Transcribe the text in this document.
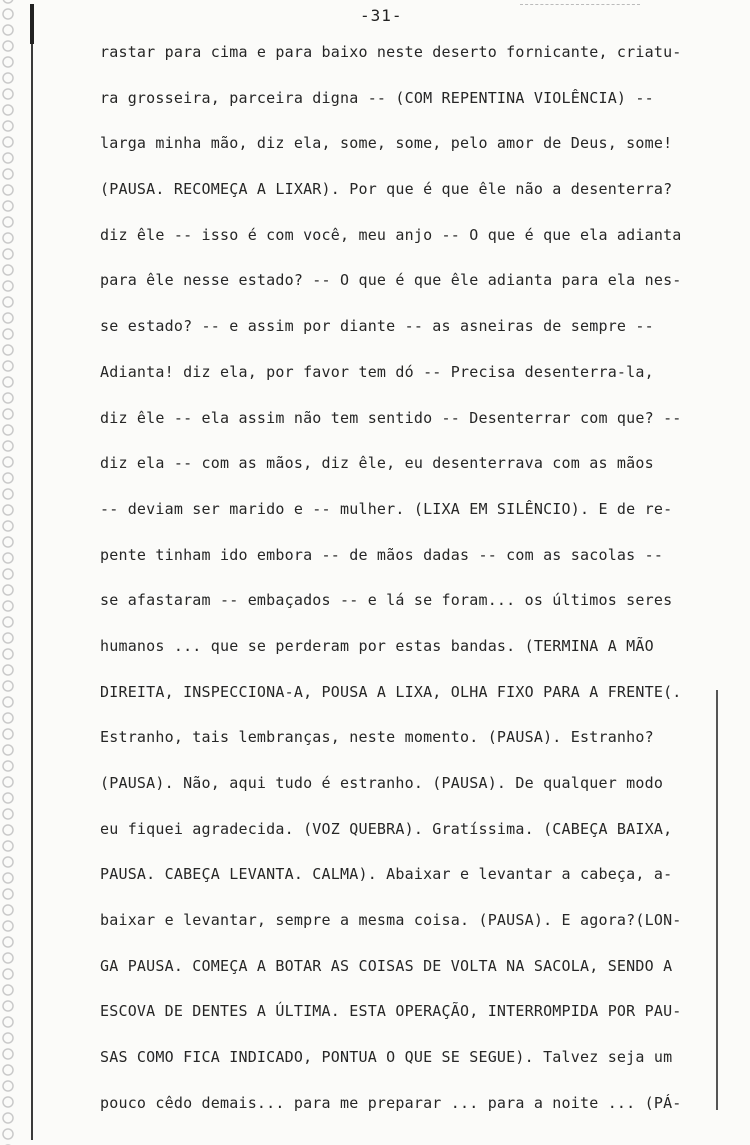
-31-
rastar para cima e para baixo neste deserto fornicante, criatu-
ra grosseira, parceira digna -- (COM REPENTINA VIOLÊNCIA) --
larga minha mão, diz ela, some, some, pelo amor de Deus, some!
(PAUSA. RECOMEÇA A LIXAR). Por que é que êle não a desenterra?
diz êle -- isso é com você, meu anjo -- O que é que ela adianta
para êle nesse estado? -- O que é que êle adianta para ela nes-
se estado? -- e assim por diante -- as asneiras de sempre --
Adianta! diz ela, por favor tem dó -- Precisa desenterra-la,
diz êle -- ela assim não tem sentido -- Desenterrar com que? --
diz ela -- com as mãos, diz êle, eu desenterrava com as mãos
-- deviam ser marido e -- mulher. (LIXA EM SILÊNCIO). E de re-
pente tinham ido embora -- de mãos dadas -- com as sacolas --
se afastaram -- embaçados -- e lá se foram... os últimos seres
humanos ... que se perderam por estas bandas. (TERMINA A MÃO
DIREITA, INSPECCIONA-A, POUSA A LIXA, OLHA FIXO PARA A FRENTE(.
Estranho, tais lembranças, neste momento. (PAUSA). Estranho?
(PAUSA). Não, aqui tudo é estranho. (PAUSA). De qualquer modo
eu fiquei agradecida. (VOZ QUEBRA). Gratíssima. (CABEÇA BAIXA,
PAUSA. CABEÇA LEVANTA. CALMA). Abaixar e levantar a cabeça, a-
baixar e levantar, sempre a mesma coisa. (PAUSA). E agora?(LON-
GA PAUSA. COMEÇA A BOTAR AS COISAS DE VOLTA NA SACOLA, SENDO A
ESCOVA DE DENTES A ÚLTIMA. ESTA OPERAÇÃO, INTERROMPIDA POR PAU-
SAS COMO FICA INDICADO, PONTUA O QUE SE SEGUE). Talvez seja um
pouco cêdo demais... para me preparar ... para a noite ... (PÁ-
